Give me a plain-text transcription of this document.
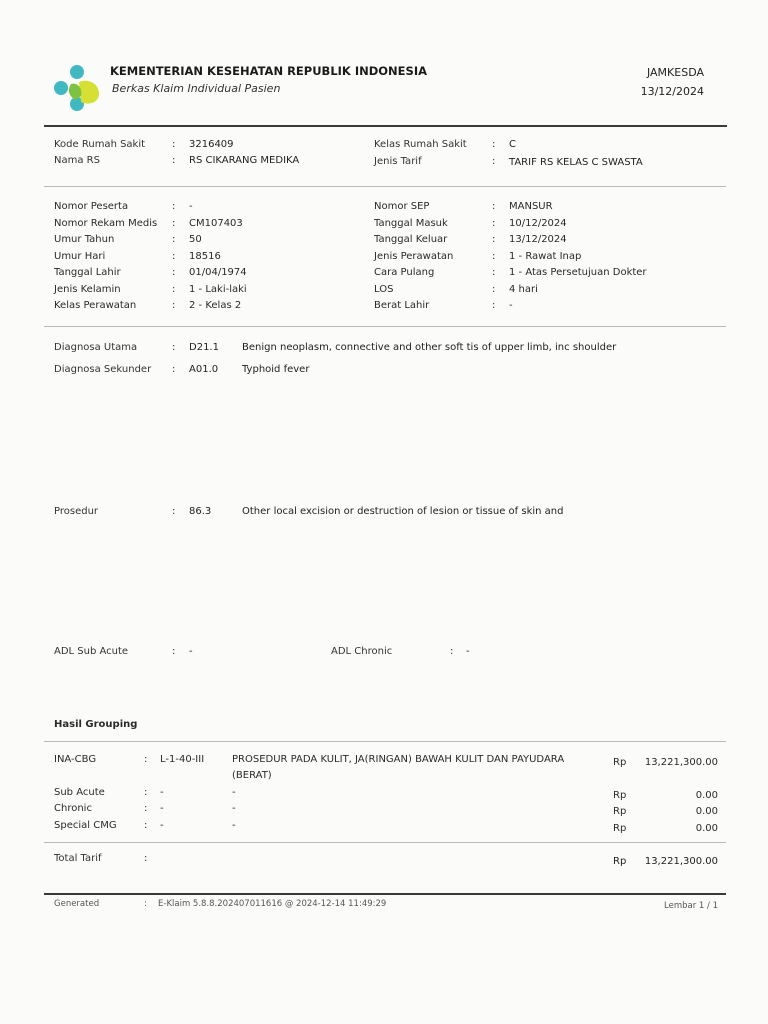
KEMENTERIAN KESEHATAN REPUBLIK INDONESIA
Berkas Klaim Individual Pasien
JAMKESDA
13/12/2024
Kode Rumah Sakit	: 3216409
Nama RS	: RS CIKARANG MEDIKA
Kelas Rumah Sakit	: C
Jenis Tarif	: TARIF RS KELAS C SWASTA
Nomor Peserta	: -
Nomor Rekam Medis : CM107403
Umur Tahun	: 50
Umur Hari	: 18516
Tanggal Lahir	: 01/04/1974
Jenis Kelamin	: 1 - Laki-laki
Kelas Perawatan	: 2 - Kelas 2
Nomor SEP	: MANSUR
Tanggal Masuk	: 10/12/2024
Tanggal Keluar	: 13/12/2024
Jenis Perawatan	: 1 - Rawat Inap
Cara Pulang	: 1 - Atas Persetujuan Dokter
LOS	: 4 hari
Berat Lahir	: -
Diagnosa Utama	: D21.1 Benign neoplasm, connective and other soft tis of upper limb, inc shoulder
Diagnosa Sekunder : A01.0 Typhoid fever
Prosedur	: 86.3	Other local excision or destruction of lesion or tissue of skin and
ADL Sub Acute	: -	ADL Chronic	: -
Hasil Grouping
INA-CBG	: L-1-40-III	PROSEDUR PADA KULIT, JA(RINGAN) BAWAH KULIT DAN PAYUDARA
(BERAT)
Rp	13,221,300.00
Sub Acute	: -	-	Rp	0.00
Chronic	: -	-	Rp	0.00
Special CMG	: -	-	Rp	0.00
Total Tarif	:	Rp	13,221,300.00
Generated	: E-Klaim 5.8.8.202407011616 @ 2024-12-14 11:49:29	Lembar 1 / 1
